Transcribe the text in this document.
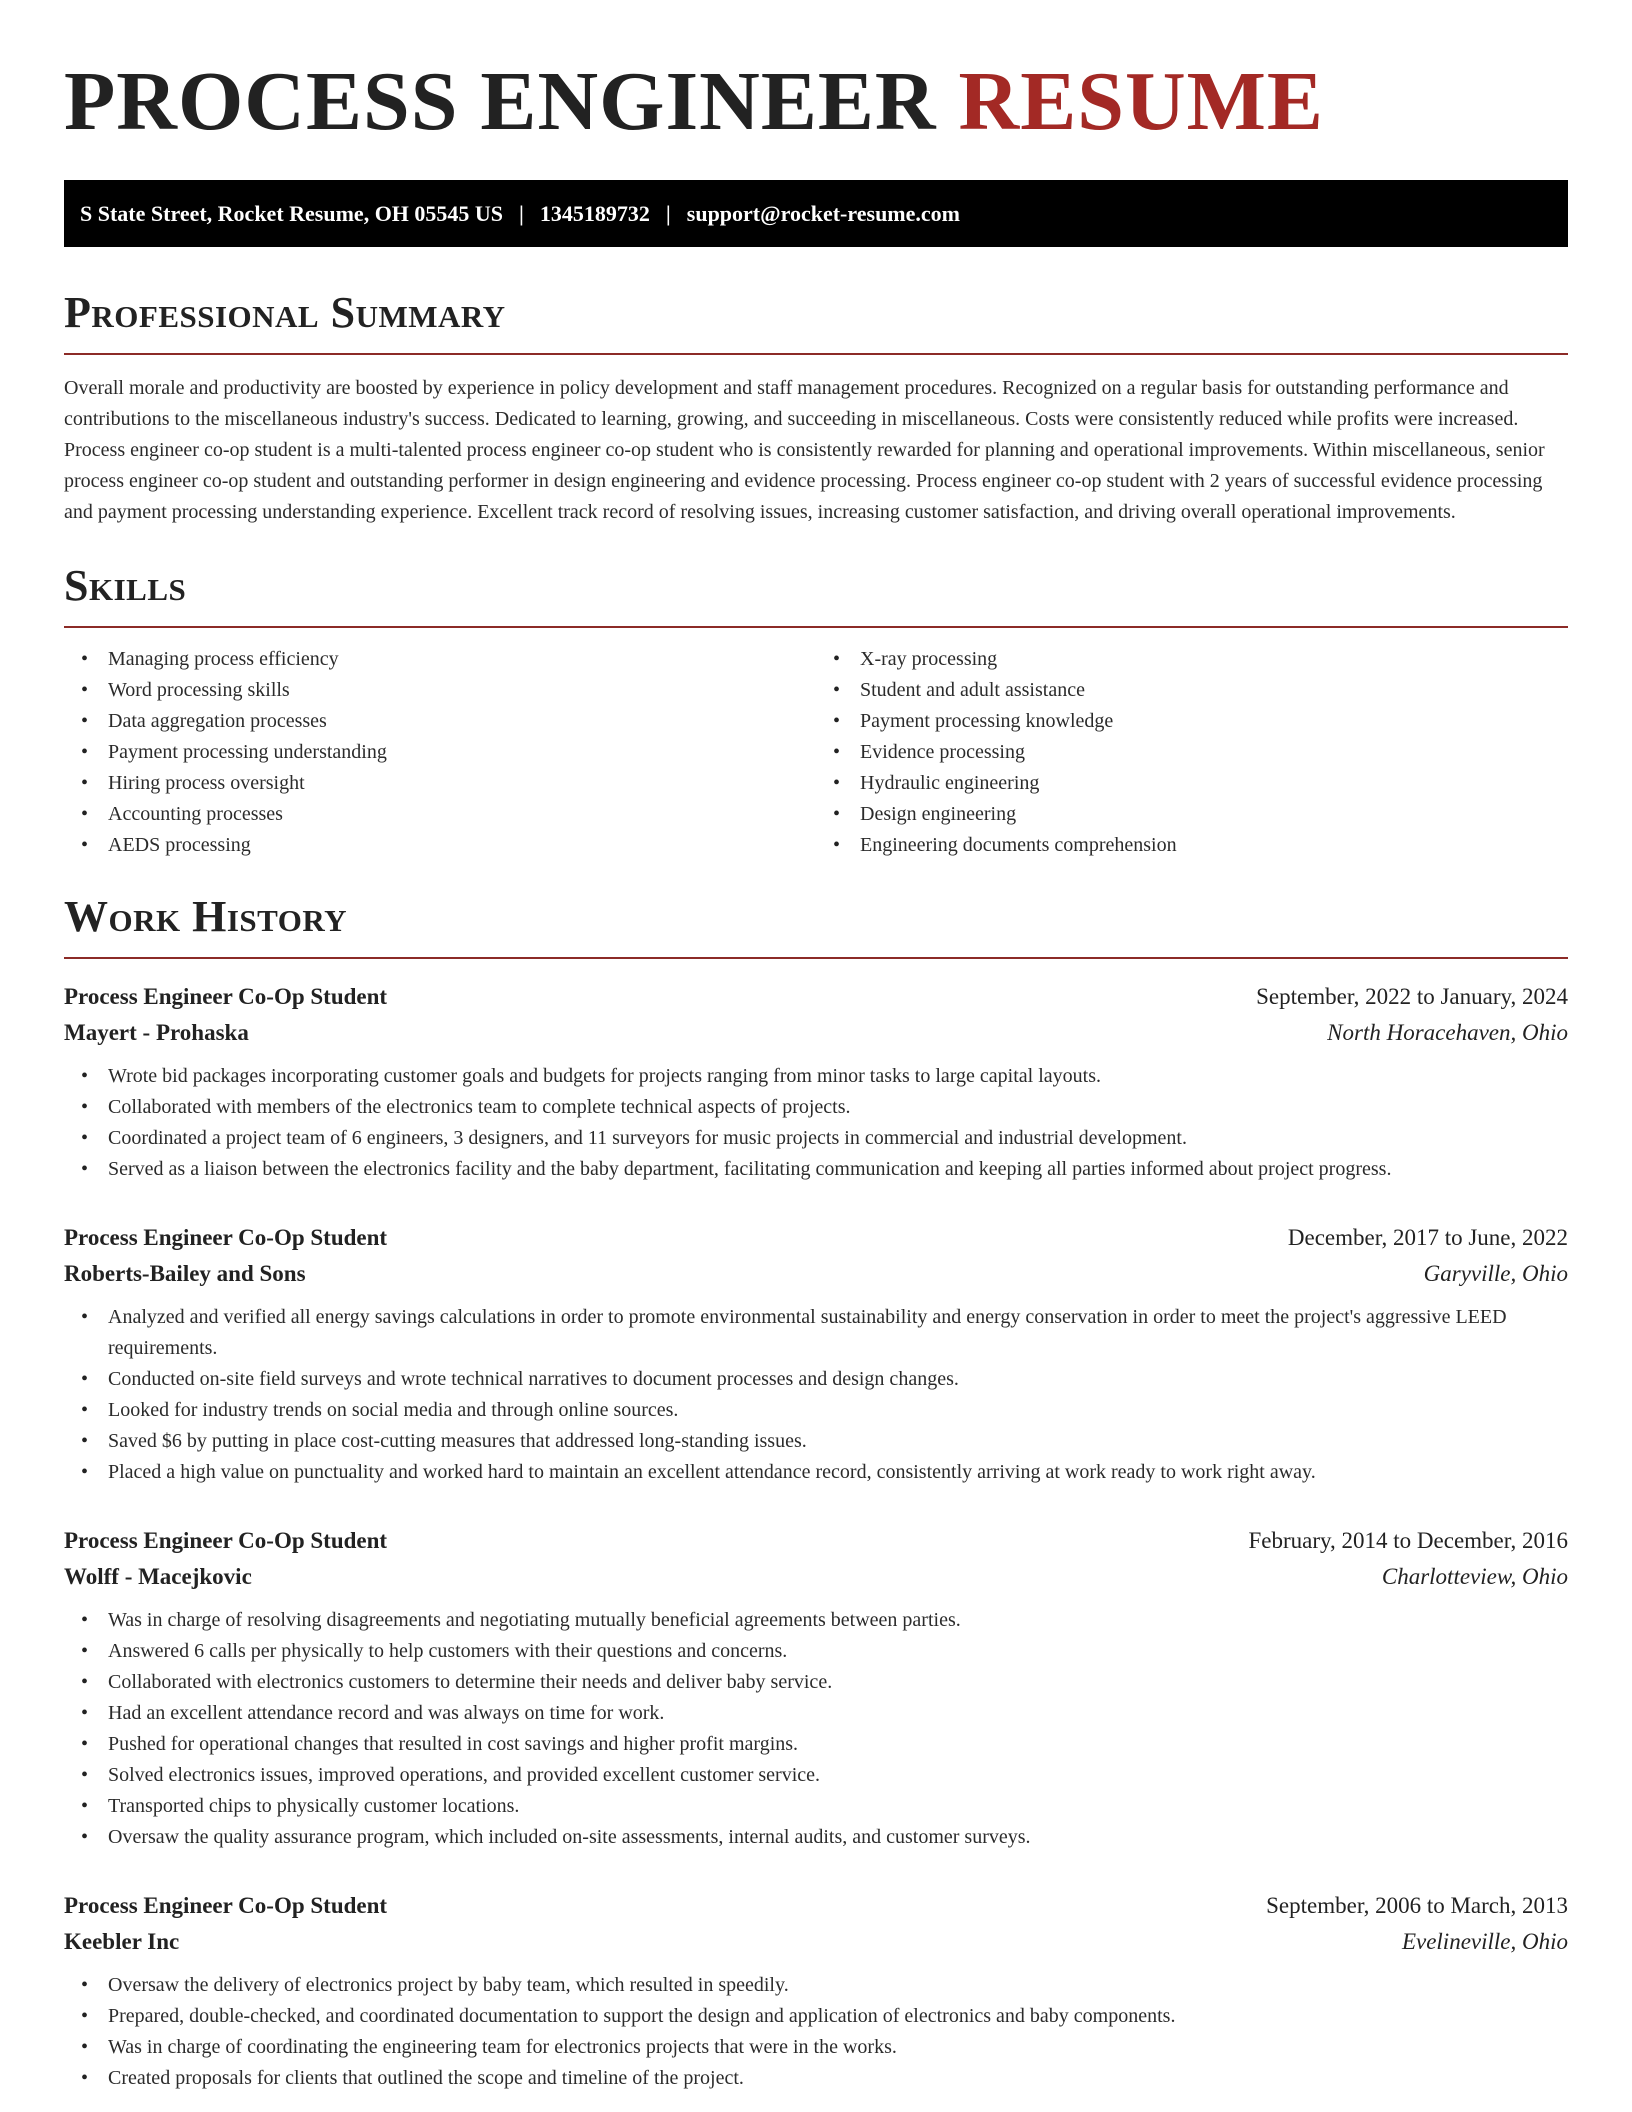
PROCESS ENGINEER RESUME
S State Street, Rocket Resume, OH 05545 US | 1345189732 | support@rocket-resume.com
Professional Summary

Overall morale and productivity are boosted by experience in policy development and staff management procedures. Recognized on a regular basis for outstanding performance and contributions to the miscellaneous industry's success. Dedicated to learning, growing, and succeeding in miscellaneous. Costs were consistently reduced while profits were increased. Process engineer co-op student is a multi-talented process engineer co-op student who is consistently rewarded for planning and operational improvements. Within miscellaneous, senior process engineer co-op student and outstanding performer in design engineering and evidence processing. Process engineer co-op student with 2 years of successful evidence processing and payment processing understanding experience. Excellent track record of resolving issues, increasing customer satisfaction, and driving overall operational improvements.

Skills
• Managing process efficiency
• Word processing skills
• Data aggregation processes
• Payment processing understanding
• Hiring process oversight
• Accounting processes
• AEDS processing
• X-ray processing
• Student and adult assistance
• Payment processing knowledge
• Evidence processing
• Hydraulic engineering
• Design engineering
• Engineering documents comprehension
Work History
Process Engineer Co-Op Student	September, 2022 to January, 2024
Mayert - Prohaska	North Horacehaven, Ohio
• Wrote bid packages incorporating customer goals and budgets for projects ranging from minor tasks to large capital layouts.
• Collaborated with members of the electronics team to complete technical aspects of projects.
• Coordinated a project team of 6 engineers, 3 designers, and 11 surveyors for music projects in commercial and industrial development.
• Served as a liaison between the electronics facility and the baby department, facilitating communication and keeping all parties informed about project progress.
Process Engineer Co-Op Student	December, 2017 to June, 2022
Roberts-Bailey and Sons	Garyville, Ohio
• Analyzed and verified all energy savings calculations in order to promote environmental sustainability and energy conservation in order to meet the project's aggressive LEED requirements.
• Conducted on-site field surveys and wrote technical narratives to document processes and design changes.
• Looked for industry trends on social media and through online sources.
• Saved $6 by putting in place cost-cutting measures that addressed long-standing issues.
• Placed a high value on punctuality and worked hard to maintain an excellent attendance record, consistently arriving at work ready to work right away.
Process Engineer Co-Op Student	February, 2014 to December, 2016
Wolff - Macejkovic	Charlotteview, Ohio
• Was in charge of resolving disagreements and negotiating mutually beneficial agreements between parties.
• Answered 6 calls per physically to help customers with their questions and concerns.
• Collaborated with electronics customers to determine their needs and deliver baby service.
• Had an excellent attendance record and was always on time for work.
• Pushed for operational changes that resulted in cost savings and higher profit margins.
• Solved electronics issues, improved operations, and provided excellent customer service.
• Transported chips to physically customer locations.
• Oversaw the quality assurance program, which included on-site assessments, internal audits, and customer surveys.
Process Engineer Co-Op Student	September, 2006 to March, 2013
Keebler Inc	Evelineville, Ohio
• Oversaw the delivery of electronics project by baby team, which resulted in speedily.
• Prepared, double-checked, and coordinated documentation to support the design and application of electronics and baby components.
• Was in charge of coordinating the engineering team for electronics projects that were in the works.
• Created proposals for clients that outlined the scope and timeline of the project.
